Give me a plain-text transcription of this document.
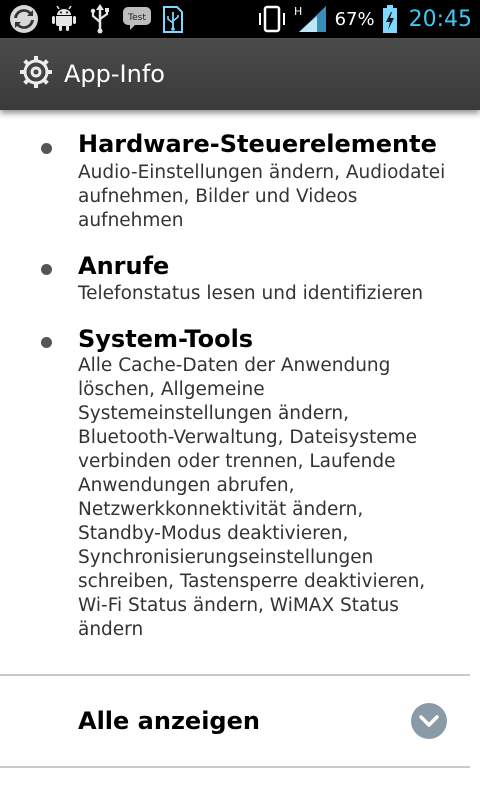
Test	H 67% 20:45
App-Info
Hardware-Steuerelemente
Audio-Einstellungen ändern, Audiodatei
aufnehmen, Bilder und Videos
aufnehmen
Anrufe
Telefonstatus lesen und identifizieren
System-Tools
Alle Cache-Daten der Anwendung
löschen, Allgemeine
Systemeinstellungen ändern,
Bluetooth-Verwaltung, Dateisysteme
verbinden oder trennen, Laufende
Anwendungen abrufen,
Netzwerkkonnektivität ändern,
Standby-Modus deaktivieren,
Synchronisierungseinstellungen
schreiben, Tastensperre deaktivieren,
Wi-Fi Status ändern, WiMAX Status
ändern
Alle anzeigen
